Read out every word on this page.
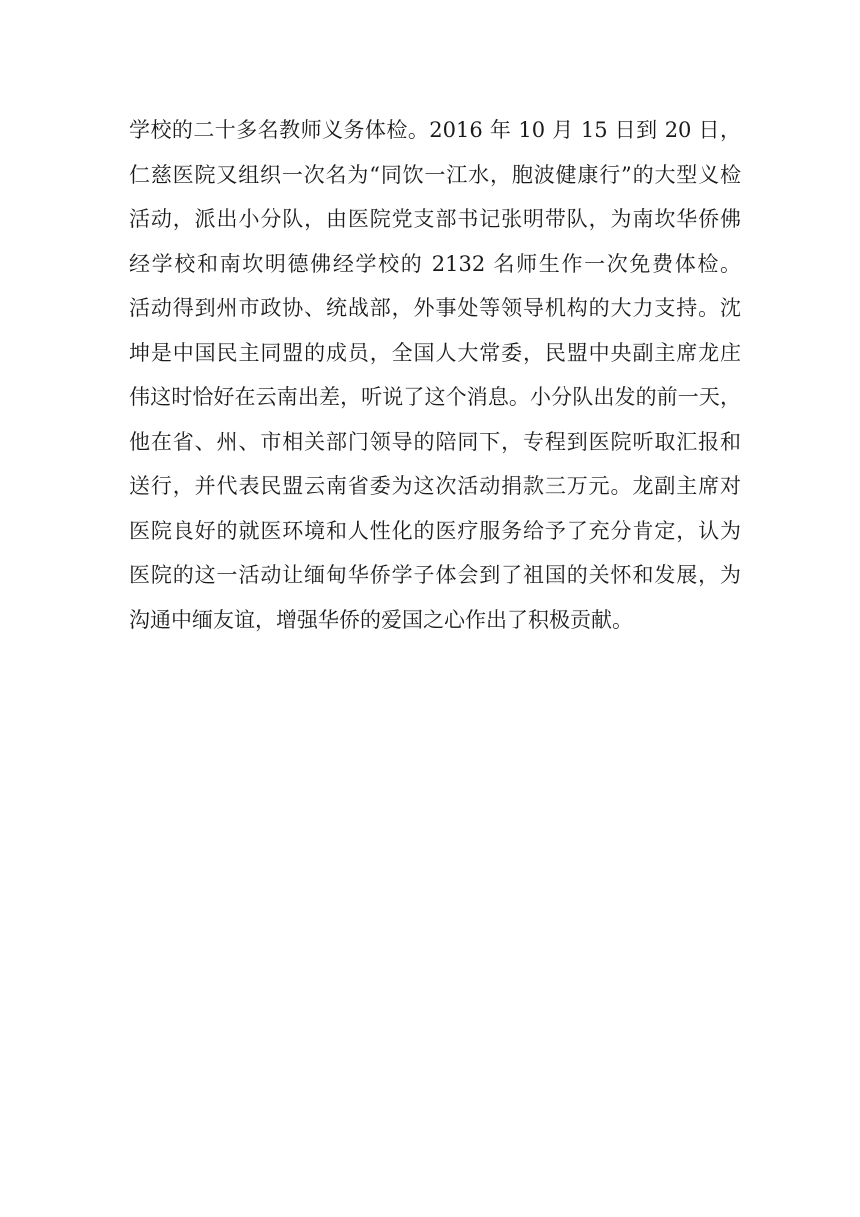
学校的二十多名教师义务体检。2016 年 10 月 15 日到 20 日，
仁慈医院又组织一次名为“同饮一江水，胞波健康行”的大型义检
活动，派出小分队，由医院党支部书记张明带队，为南坎华侨佛
经学校和南坎明德佛经学校的 2132 名师生作一次免费体检。
活动得到州市政协、统战部，外事处等领导机构的大力支持。沈
坤是中国民主同盟的成员，全国人大常委，民盟中央副主席龙庄
伟这时恰好在云南出差，听说了这个消息。小分队出发的前一天，
他在省、州、市相关部门领导的陪同下，专程到医院听取汇报和
送行，并代表民盟云南省委为这次活动捐款三万元。龙副主席对
医院良好的就医环境和人性化的医疗服务给予了充分肯定，认为
医院的这一活动让缅甸华侨学子体会到了祖国的关怀和发展，为
沟通中缅友谊，增强华侨的爱国之心作出了积极贡献。
